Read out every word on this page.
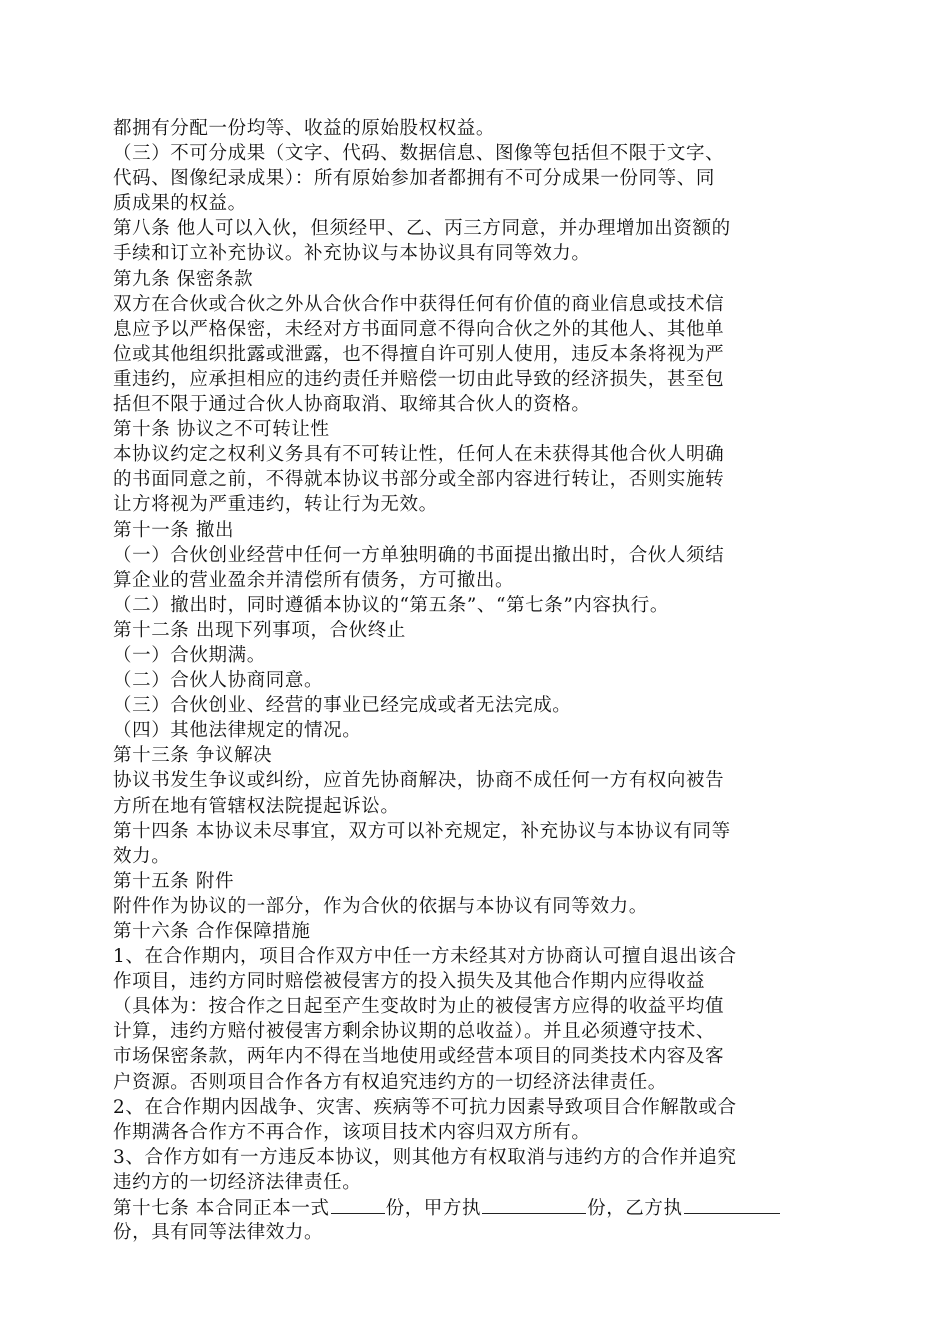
都拥有分配一份均等、收益的原始股权权益。
（三）不可分成果（文字、代码、数据信息、图像等包括但不限于文字、
代码、图像纪录成果）：所有原始参加者都拥有不可分成果一份同等、同
质成果的权益。
第八条 他人可以入伙，但须经甲、乙、丙三方同意，并办理增加出资额的
手续和订立补充协议。补充协议与本协议具有同等效力。
第九条 保密条款
双方在合伙或合伙之外从合伙合作中获得任何有价值的商业信息或技术信
息应予以严格保密，未经对方书面同意不得向合伙之外的其他人、其他单
位或其他组织批露或泄露，也不得擅自许可别人使用，违反本条将视为严
重违约，应承担相应的违约责任并赔偿一切由此导致的经济损失，甚至包
括但不限于通过合伙人协商取消、取缔其合伙人的资格。
第十条 协议之不可转让性
本协议约定之权利义务具有不可转让性，任何人在未获得其他合伙人明确
的书面同意之前，不得就本协议书部分或全部内容进行转让，否则实施转
让方将视为严重违约，转让行为无效。
第十一条 撤出
（一）合伙创业经营中任何一方单独明确的书面提出撤出时，合伙人须结
算企业的营业盈余并清偿所有债务，方可撤出。
（二）撤出时，同时遵循本协议的“第五条”、“第七条”内容执行。
第十二条 出现下列事项，合伙终止
（一）合伙期满。
（二）合伙人协商同意。
（三）合伙创业、经营的事业已经完成或者无法完成。
（四）其他法律规定的情况。
第十三条 争议解决
协议书发生争议或纠纷，应首先协商解决，协商不成任何一方有权向被告
方所在地有管辖权法院提起诉讼。
第十四条 本协议未尽事宜，双方可以补充规定，补充协议与本协议有同等
效力。
第十五条 附件
附件作为协议的一部分，作为合伙的依据与本协议有同等效力。
第十六条 合作保障措施
1、在合作期内，项目合作双方中任一方未经其对方协商认可擅自退出该合
作项目，违约方同时赔偿被侵害方的投入损失及其他合作期内应得收益
（具体为：按合作之日起至产生变故时为止的被侵害方应得的收益平均值
计算，违约方赔付被侵害方剩余协议期的总收益）。并且必须遵守技术、
市场保密条款，两年内不得在当地使用或经营本项目的同类技术内容及客
户资源。否则项目合作各方有权追究违约方的一切经济法律责任。
2、在合作期内因战争、灾害、疾病等不可抗力因素导致项目合作解散或合
作期满各合作方不再合作，该项目技术内容归双方所有。
3、合作方如有一方违反本协议，则其他方有权取消与违约方的合作并追究
违约方的一切经济法律责任。
第十七条 本合同正本一式	份，甲方执	份，乙方执
份，具有同等法律效力。
